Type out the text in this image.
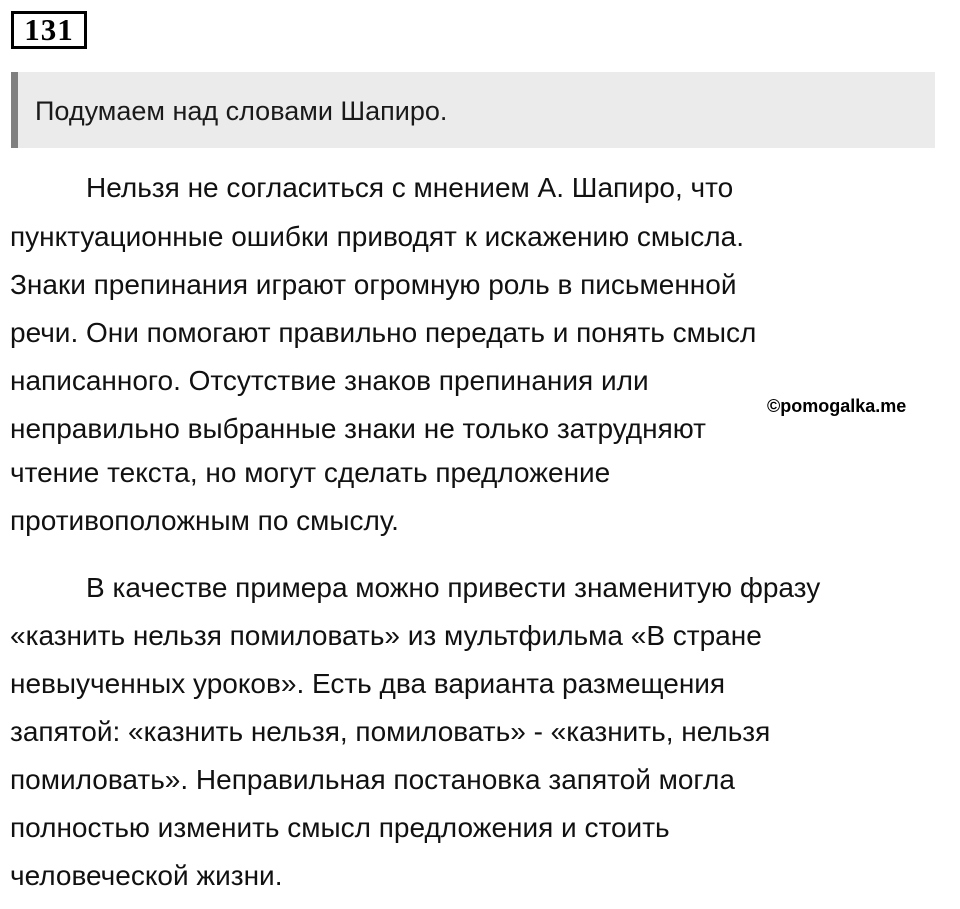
131
Подумаем над словами Шапиро.
Нельзя не согласиться с мнением А. Шапиро, что
пунктуационные ошибки приводят к искажению смысла.
Знаки препинания играют огромную роль в письменной
речи. Они помогают правильно передать и понять смысл
написанного. Отсутствие знаков препинания или
неправильно выбранные знаки не только затрудняют
чтение текста, но могут сделать предложение
противоположным по смыслу.
©pomogalka.me
В качестве примера можно привести знаменитую фразу
«казнить нельзя помиловать» из мультфильма «В стране
невыученных уроков». Есть два варианта размещения
запятой: «казнить нельзя, помиловать» - «казнить, нельзя
помиловать». Неправильная постановка запятой могла
полностью изменить смысл предложения и стоить
человеческой жизни.
